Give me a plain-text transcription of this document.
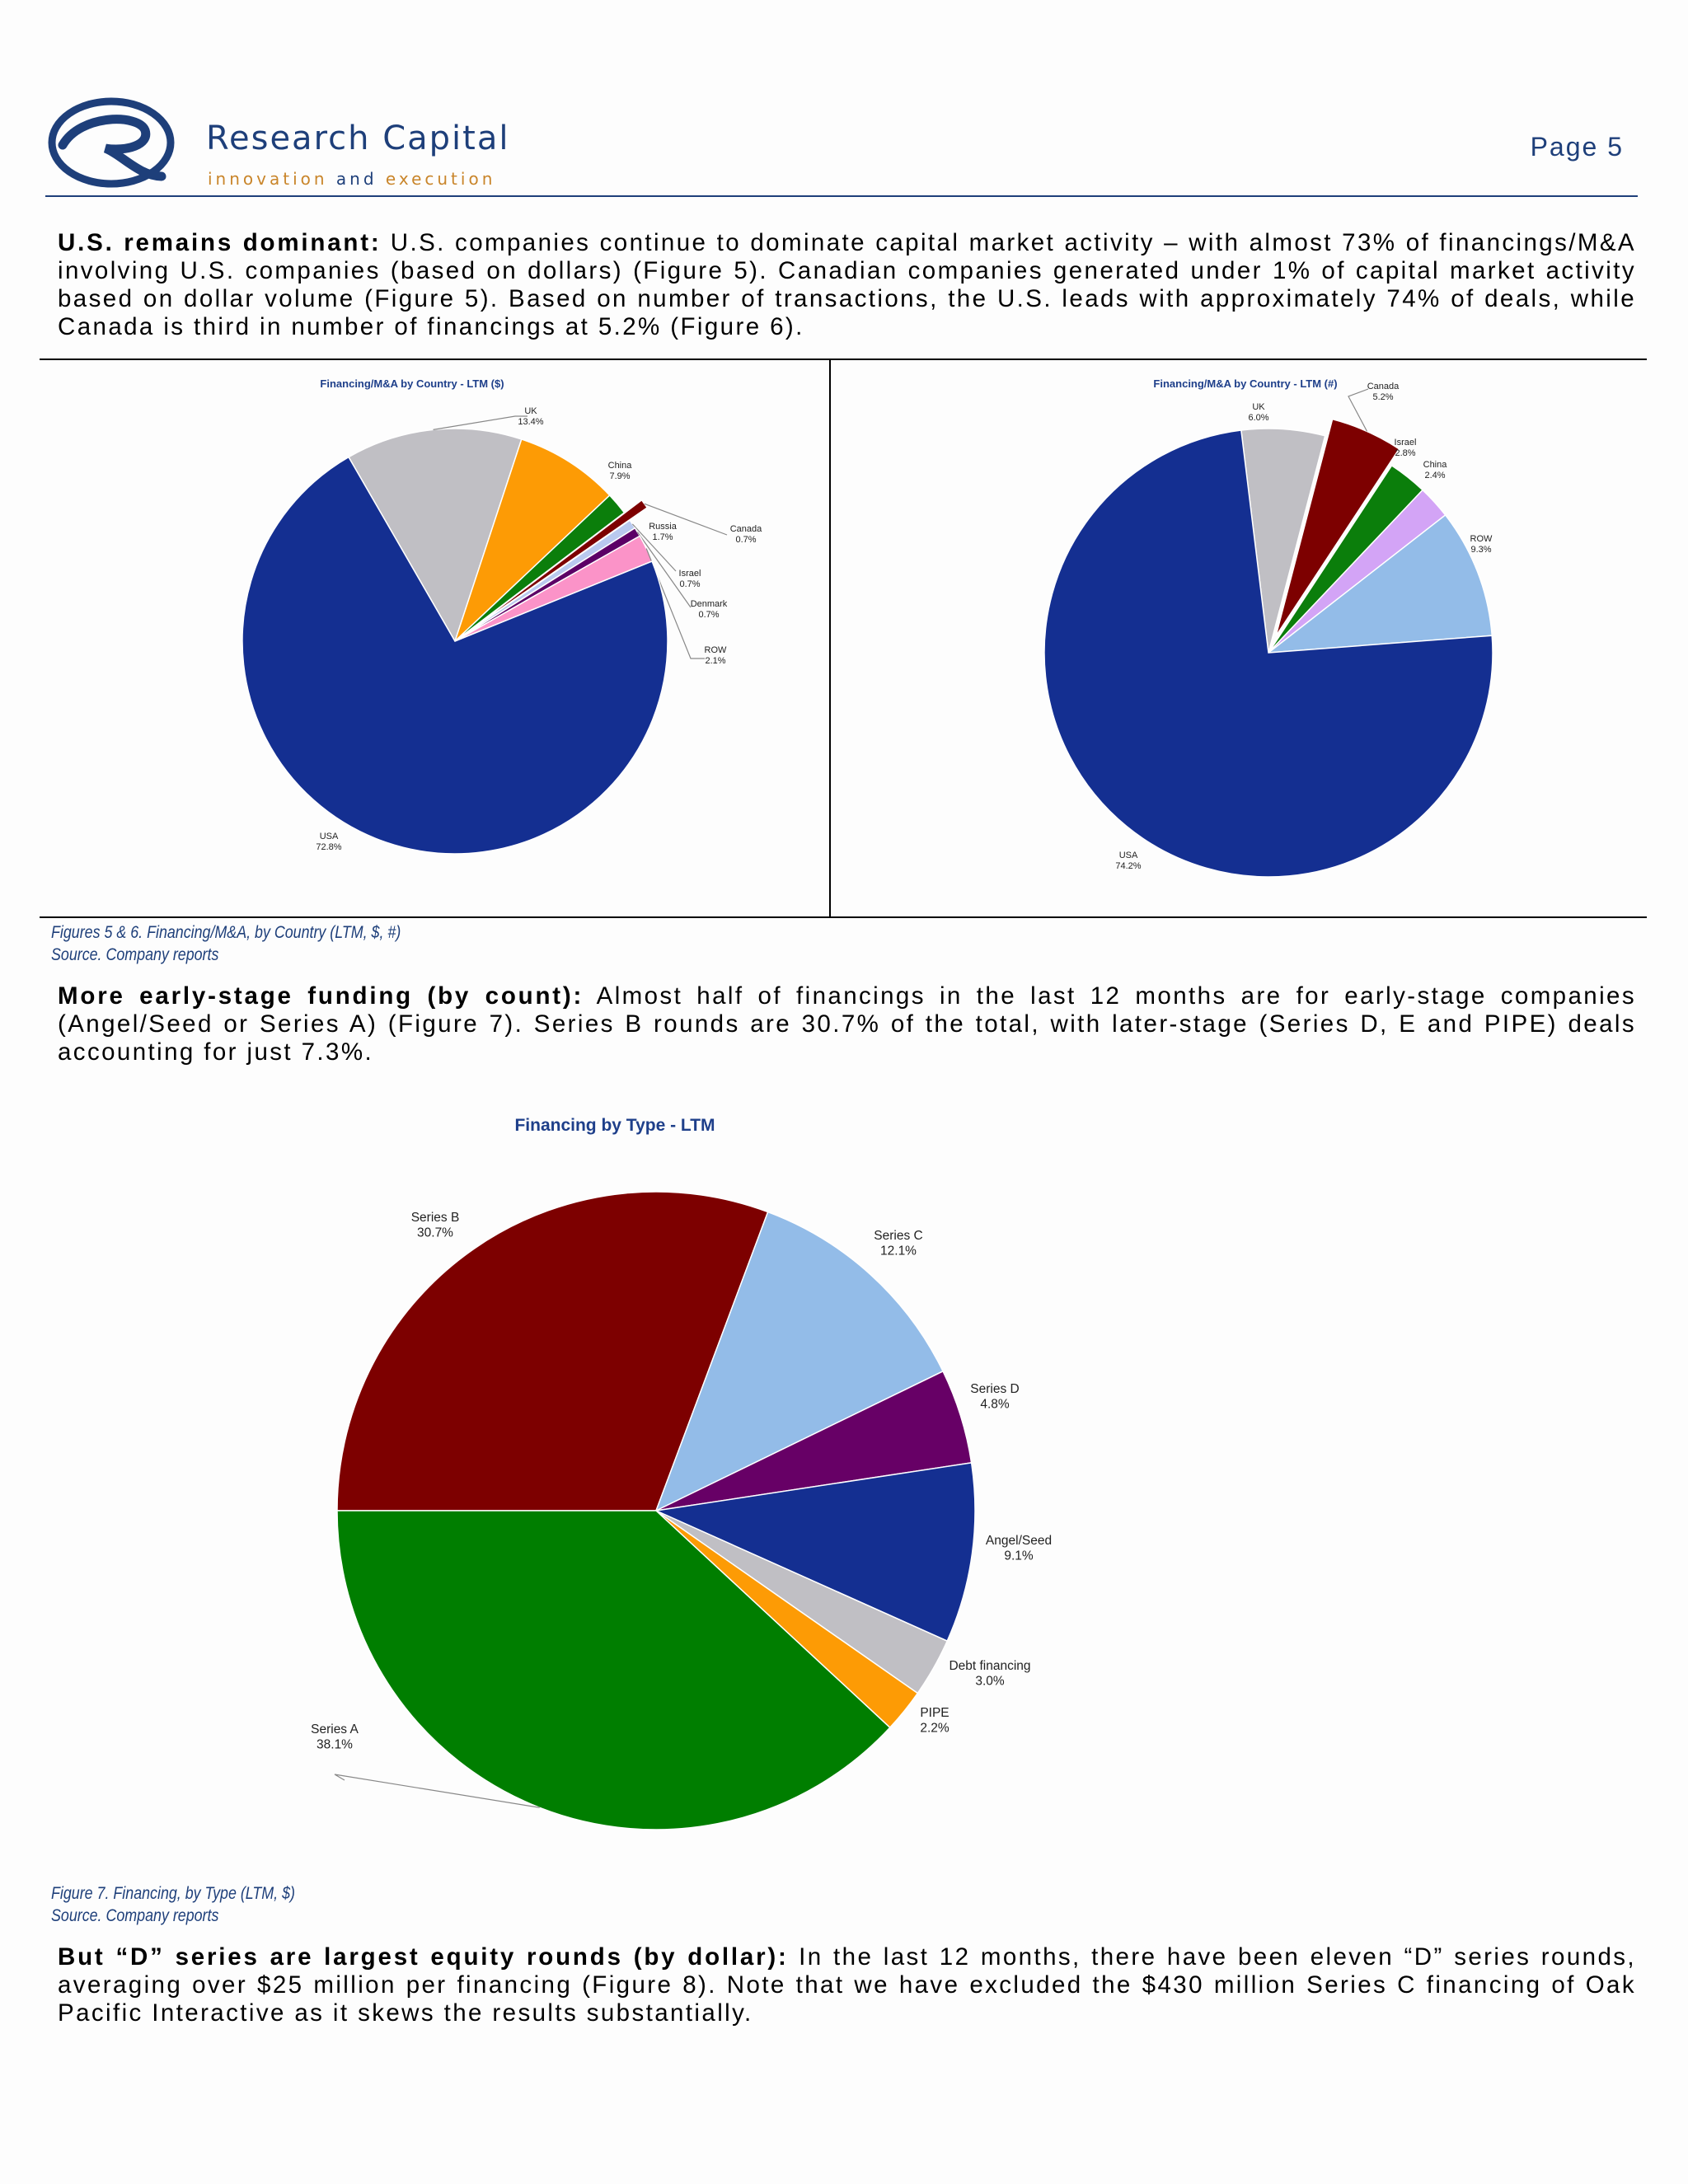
Research Capital
innovation and execution
Page 5
U.S. remains dominant: U.S. companies continue to dominate capital market activity – with almost 73% of financings/M&A involving U.S. companies (based on dollars) (Figure 5). Canadian companies generated under 1% of capital market activity based on dollar volume (Figure 5). Based on number of transactions, the U.S. leads with approximately 74% of deals, while Canada is third in number of financings at 5.2% (Figure 6).
Financing/M&A by Country - LTM ($)
UK
13.4%
China
7.9%
Russia
1.7%
Canada
0.7%
Israel
0.7%
Denmark
0.7%
ROW
2.1%
USA
72.8%
Financing/M&A by Country - LTM (#)
UK
6.0%
Canada
5.2%
Israel
2.8%
China
2.4%
ROW
9.3%
USA
74.2%
Figures 5 & 6. Financing/M&A, by Country (LTM, $, #)
Source. Company reports
More early-stage funding (by count): Almost half of financings in the last 12 months are for early-stage companies (Angel/Seed or Series A) (Figure 7). Series B rounds are 30.7% of the total, with later-stage (Series D, E and PIPE) deals accounting for just 7.3%.
Financing by Type - LTM
Series B
30.7%	Series C
12.1%
Series D
4.8%
Angel/Seed
9.1%
Debt financing
3.0%
PIPE
2.2%
Series A
38.1%
Figure 7. Financing, by Type (LTM, $)
Source. Company reports
But “D” series are largest equity rounds (by dollar): In the last 12 months, there have been eleven “D” series rounds, averaging over $25 million per financing (Figure 8). Note that we have excluded the $430 million Series C financing of Oak Pacific Interactive as it skews the results substantially.
